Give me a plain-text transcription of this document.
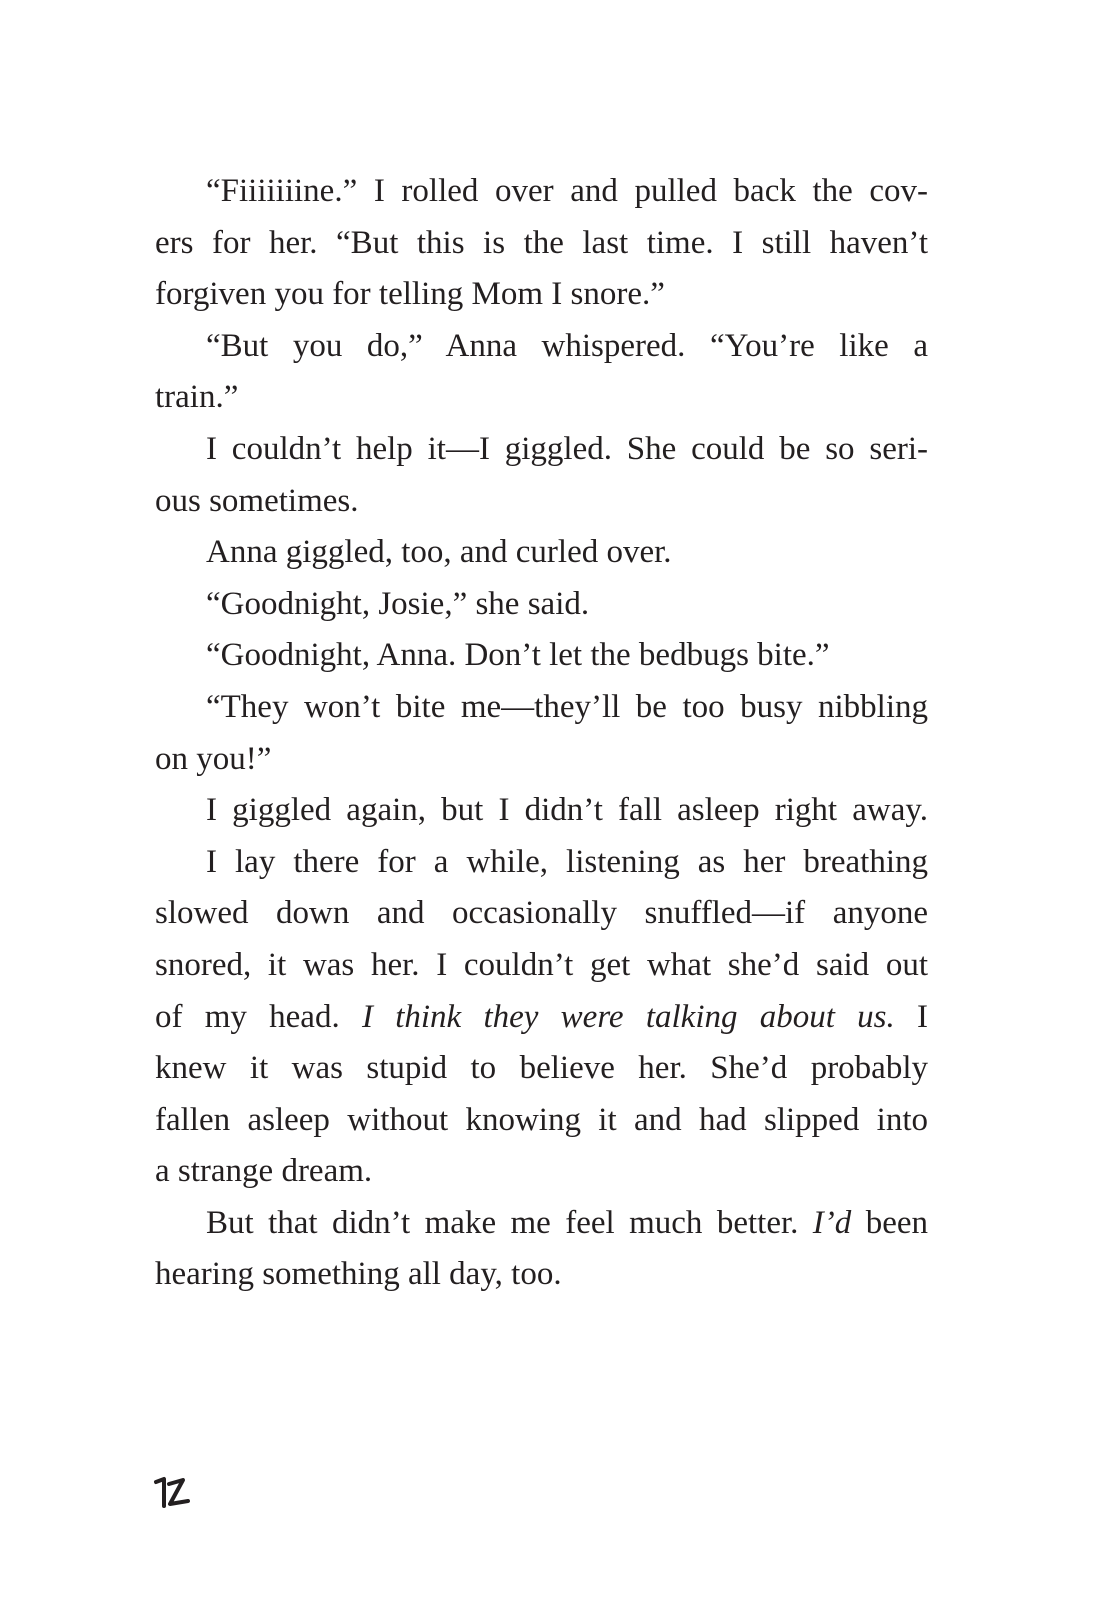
“Fiiiiiiine.” I rolled over and pulled back the cov-
ers for her. “But this is the last time. I still haven’t
forgiven you for telling Mom I snore.”
“But you do,” Anna whispered. “You’re like a
train.”
I couldn’t help it—I giggled. She could be so seri-
ous sometimes.
Anna giggled, too, and curled over.
“Goodnight, Josie,” she said.
“Goodnight, Anna. Don’t let the bedbugs bite.”
“They won’t bite me—they’ll be too busy nibbling
on you!”
I giggled again, but I didn’t fall asleep right away.
I lay there for a while, listening as her breathing
slowed down and occasionally snuffled—if anyone
snored, it was her. I couldn’t get what she’d said out
of my head. I think they were talking about us. I
knew it was stupid to believe her. She’d probably
fallen asleep without knowing it and had slipped into
a strange dream.
But that didn’t make me feel much better. I’d been
hearing something all day, too.
